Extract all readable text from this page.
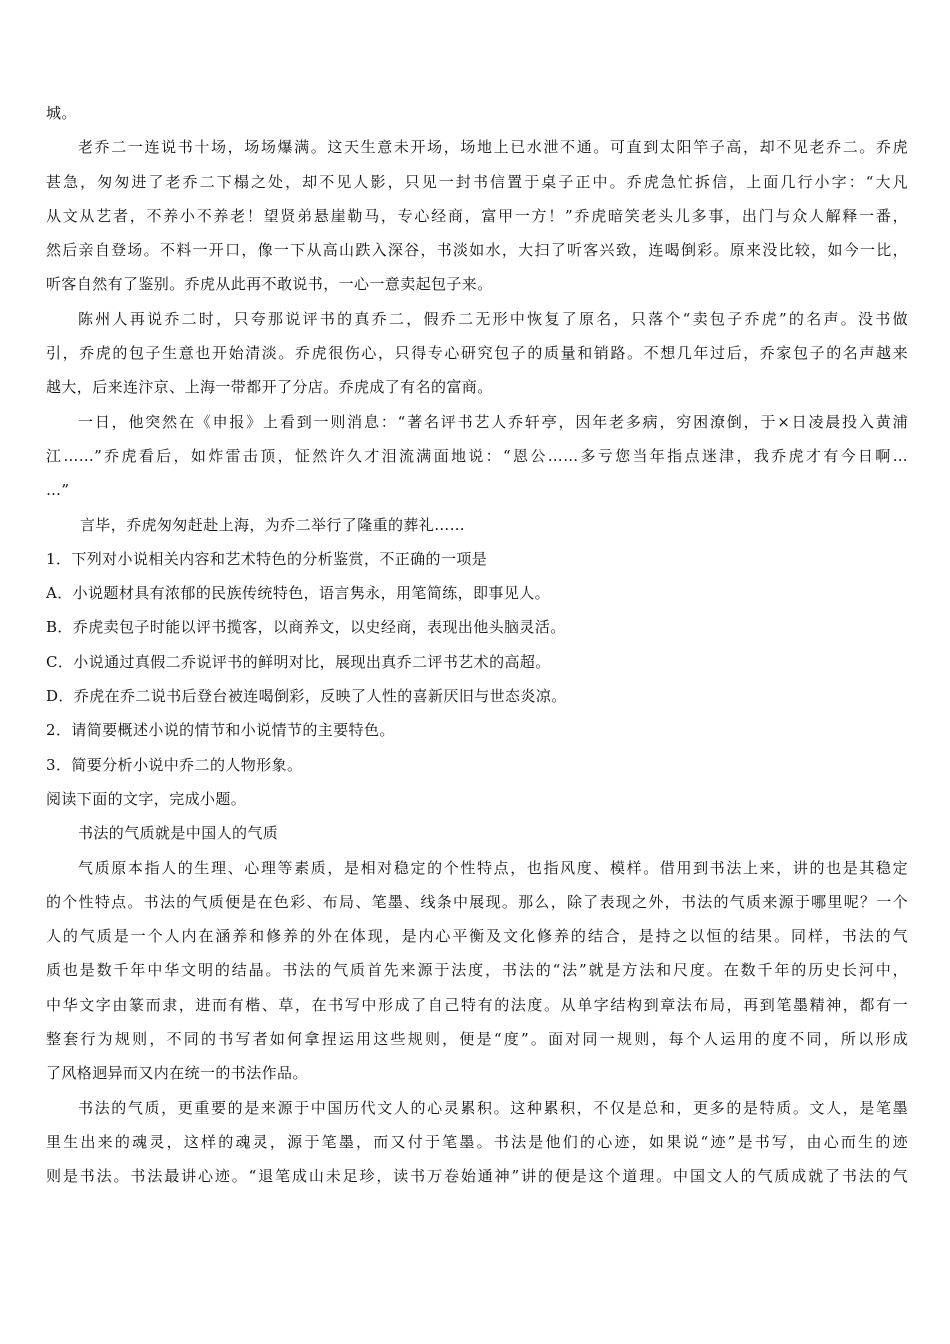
城。
老乔二一连说书十场，场场爆满。这天生意未开场，场地上已水泄不通。可直到太阳竿子高，却不见老乔二。乔虎
甚急，匆匆进了老乔二下榻之处，却不见人影，只见一封书信置于桌子正中。乔虎急忙拆信，上面几行小字：“大凡
从文从艺者，不养小不养老！望贤弟悬崖勒马，专心经商，富甲一方！”乔虎暗笑老头儿多事，出门与众人解释一番，
然后亲自登场。不料一开口，像一下从高山跌入深谷，书淡如水，大扫了听客兴致，连喝倒彩。原来没比较，如今一比，
听客自然有了鉴别。乔虎从此再不敢说书，一心一意卖起包子来。
陈州人再说乔二时，只夸那说评书的真乔二，假乔二无形中恢复了原名，只落个“卖包子乔虎”的名声。没书做
引，乔虎的包子生意也开始清淡。乔虎很伤心，只得专心研究包子的质量和销路。不想几年过后，乔家包子的名声越来
越大，后来连汴京、上海一带都开了分店。乔虎成了有名的富商。
一日，他突然在《申报》上看到一则消息：“著名评书艺人乔轩亭，因年老多病，穷困潦倒，于×日凌晨投入黄浦
江……”乔虎看后，如炸雷击顶，怔然许久才泪流满面地说：“恩公……多亏您当年指点迷津，我乔虎才有今日啊…
…”
言毕，乔虎匆匆赶赴上海，为乔二举行了隆重的葬礼……
1．下列对小说相关内容和艺术特色的分析鉴赏，不正确的一项是
A．小说题材具有浓郁的民族传统特色，语言隽永，用笔简练，即事见人。
B．乔虎卖包子时能以评书揽客，以商养文，以史经商，表现出他头脑灵活。
C．小说通过真假二乔说评书的鲜明对比，展现出真乔二评书艺术的高超。
D．乔虎在乔二说书后登台被连喝倒彩，反映了人性的喜新厌旧与世态炎凉。
2．请简要概述小说的情节和小说情节的主要特色。
3．简要分析小说中乔二的人物形象。
阅读下面的文字，完成小题。
书法的气质就是中国人的气质
气质原本指人的生理、心理等素质，是相对稳定的个性特点，也指风度、模样。借用到书法上来，讲的也是其稳定
的个性特点。书法的气质便是在色彩、布局、笔墨、线条中展现。那么，除了表现之外，书法的气质来源于哪里呢？一个
人的气质是一个人内在涵养和修养的外在体现，是内心平衡及文化修养的结合，是持之以恒的结果。同样，书法的气
质也是数千年中华文明的结晶。书法的气质首先来源于法度，书法的“法”就是方法和尺度。在数千年的历史长河中，
中华文字由篆而隶，进而有楷、草，在书写中形成了自己特有的法度。从单字结构到章法布局，再到笔墨精神，都有一
整套行为规则，不同的书写者如何拿捏运用这些规则，便是“度”。面对同一规则，每个人运用的度不同，所以形成
了风格迥异而又内在统一的书法作品。
书法的气质，更重要的是来源于中国历代文人的心灵累积。这种累积，不仅是总和，更多的是特质。文人，是笔墨
里生出来的魂灵，这样的魂灵，源于笔墨，而又付于笔墨。书法是他们的心迹，如果说“迹”是书写，由心而生的迹
则是书法。书法最讲心迹。“退笔成山未足珍，读书万卷始通神”讲的便是这个道理。中国文人的气质成就了书法的气
